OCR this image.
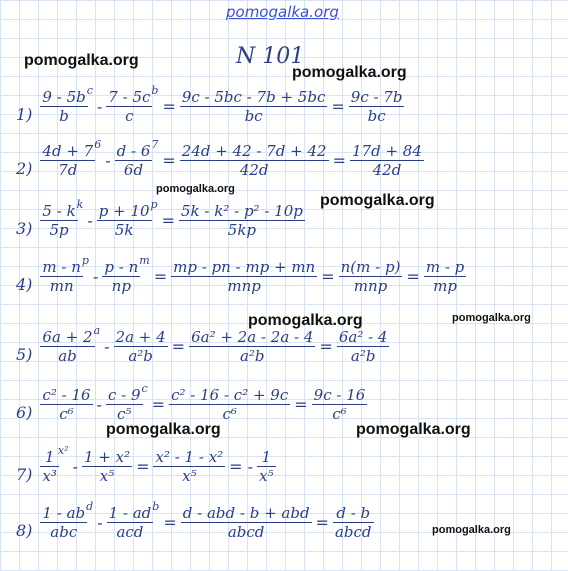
pomogalka.org
N 101
pomogalka.org
pomogalka.org
pomogalka.org
pomogalka.org
pomogalka.org	pomogalka.org
pomogalka.org	pomogalka.org
pomogalka.org
$1) \frac{9 - 5b}{b}$ c
- $\frac{7 - 5c}{c}$ b
= $\frac{9c - 5bc - 7b + 5bc}{bc} = \frac{9c - 7b}{bc}$
$2) \frac{4d + 7}{7d} 6$
- $\frac{d - 6}{6d} 7$
= $\frac{24d + 42 - 7d + 42}{42d} = \frac{17d + 84}{42d}$
$3) \frac{5 - k}{5p}$ k
- $\frac{p + 10}{5k}$ p
= $\frac{\text{5k - k² - p² - 10p}}{5kp}$
$4) \frac{m - n}{mn}$ p
- $\frac{p - n}{np}$ m
= $\frac{mp - pn - mp + mn}{\text{mnp}} = \frac{n(m - p)}{\text{mnp}} = \frac{m - p}{mp}$
$5) \frac{6a + 2}{ab}$ a
- $\frac{2a + 4}{\text{a²b}} = \frac{\text{6a² + 2a - 2a - 4}}{\text{a²b}} = \frac{\text{6a² - 4}}{\text{a²b}}$
$6) \frac{\text{c² - 16}}{\text{c⁶}} - \frac{c - 9}{\text{c⁵}}$ c
= $\frac{\text{c² - 16 - c² + 9c}}{\text{c⁶}} = \frac{9c - 16}{\text{c⁶}}$
$7) \frac{1}{\text{x³}} x^2$
- $\frac{\text{1 + x²}}{\text{x⁵}} = \frac{\text{x² - 1 - x²}}{\text{x⁵}}$ = - $\frac{1}{\text{x⁵}}$
$8) \frac{1 - ab}{\text{abc}}$ d
- $\frac{1 - ad}{\text{acd}}$ b
= $\frac{\text{d - abd - b + abd}}{\text{abcd}} = \frac{d - b}{\text{abcd}}$
